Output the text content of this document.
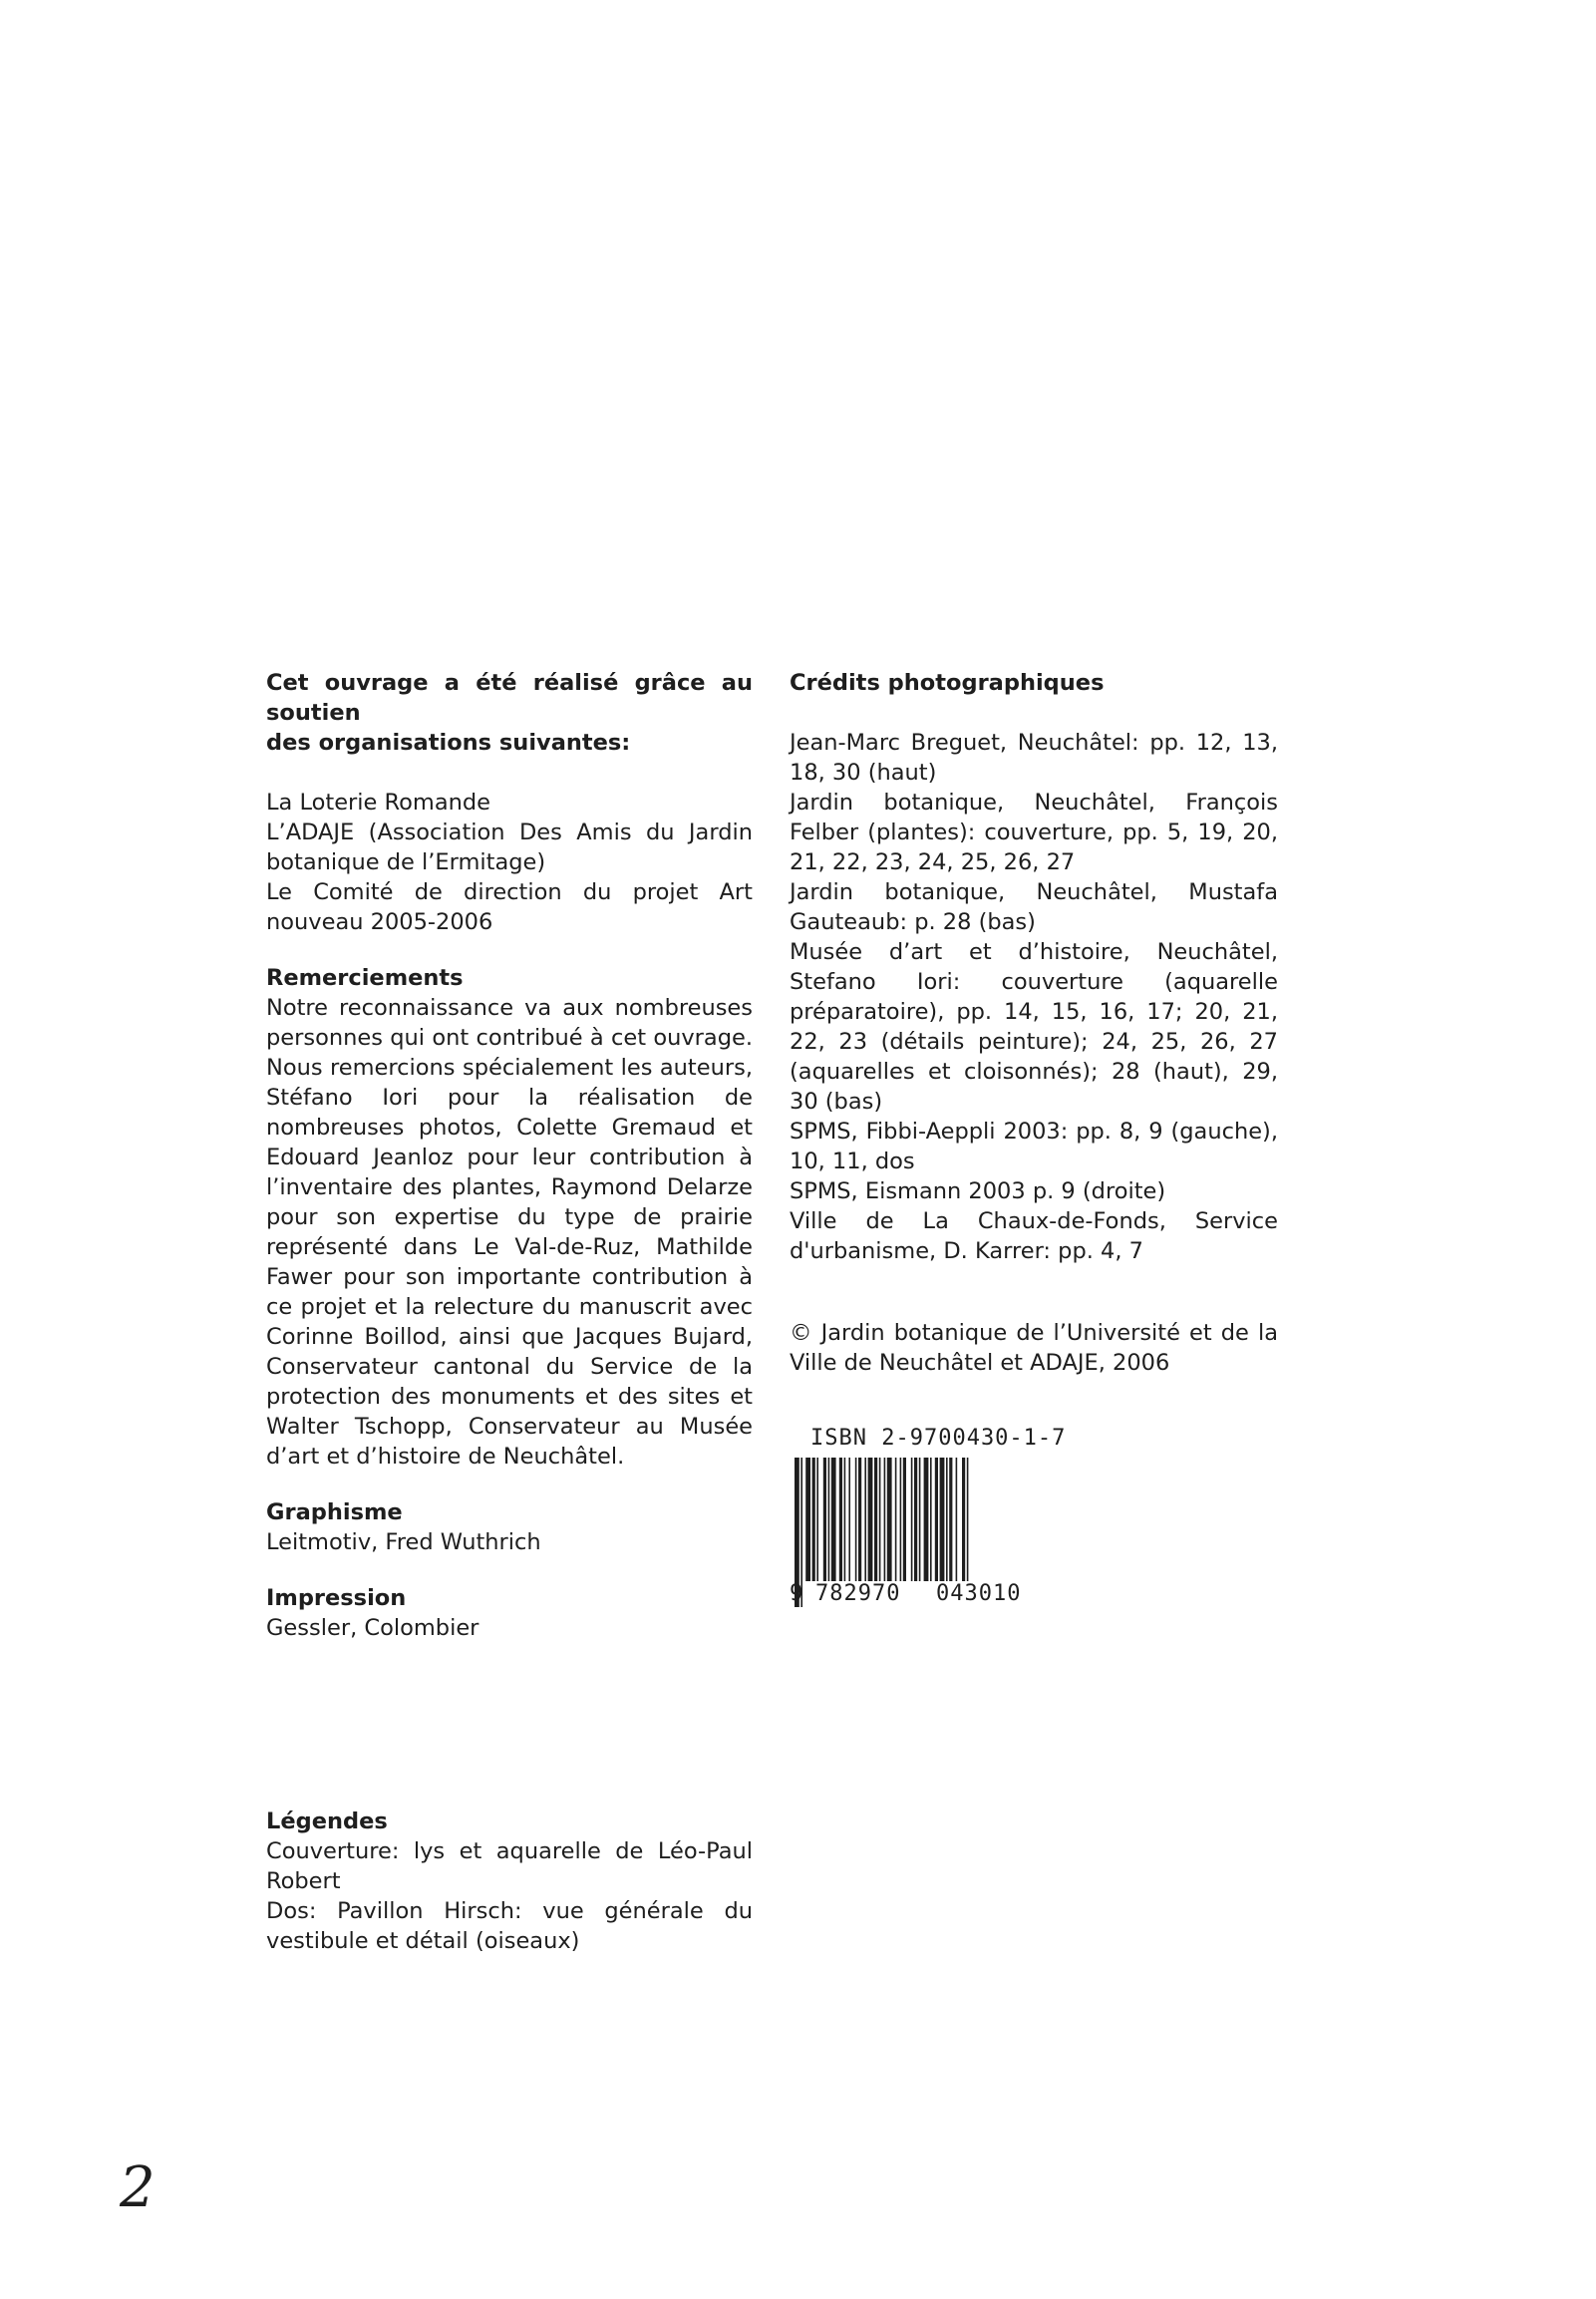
Cet ouvrage a été réalisé grâce au soutien
des organisations suivantes:

La Loterie Romande

L’ADAJE (Association Des Amis du Jardin botanique de l’Ermitage)

Le Comité de direction du projet Art nouveau 2005-2006

Remerciements

Notre reconnaissance va aux nombreuses personnes qui ont contribué à cet ouvrage. Nous remercions spécialement les auteurs, Stéfano Iori pour la réalisation de nombreuses photos, Colette Gremaud et Edouard Jeanloz pour leur contribution à l’inventaire des plantes, Raymond Delarze pour son expertise du type de prairie représenté dans Le Val-de-Ruz, Mathilde Fawer pour son importante contribution à ce projet et la relecture du manuscrit avec Corinne Boillod, ainsi que Jacques Bujard, Conservateur cantonal du Service de la protection des monuments et des sites et Walter Tschopp, Conservateur au Musée d’art et d’histoire de Neuchâtel.

Graphisme

Leitmotiv, Fred Wuthrich

Impression

Gessler, Colombier

Crédits photographiques

Jean-Marc Breguet, Neuchâtel: pp. 12, 13, 18, 30 (haut)

Jardin botanique, Neuchâtel, François Felber (plantes): couverture, pp. 5, 19, 20, 21, 22, 23, 24, 25, 26, 27

Jardin botanique, Neuchâtel, Mustafa Gauteaub: p. 28 (bas)

Musée d’art et d’histoire, Neuchâtel, Stefano Iori: couverture (aquarelle préparatoire), pp. 14, 15, 16, 17; 20, 21, 22, 23 (détails peinture); 24, 25, 26, 27 (aquarelles et cloisonnés); 28 (haut), 29, 30 (bas)

SPMS, Fibbi-Aeppli 2003: pp. 8, 9 (gauche), 10, 11, dos

SPMS, Eismann 2003 p. 9 (droite)

Ville de La Chaux-de-Fonds, Service d'urbanisme, D. Karrer: pp. 4, 7

© Jardin botanique de l’Université et de la Ville de Neuchâtel et ADAJE, 2006

ISBN 2-9700430-1-7
9 782970 043010
Légendes

Couverture: lys et aquarelle de Léo-Paul Robert

Dos: Pavillon Hirsch: vue générale du vestibule et détail (oiseaux)

2
